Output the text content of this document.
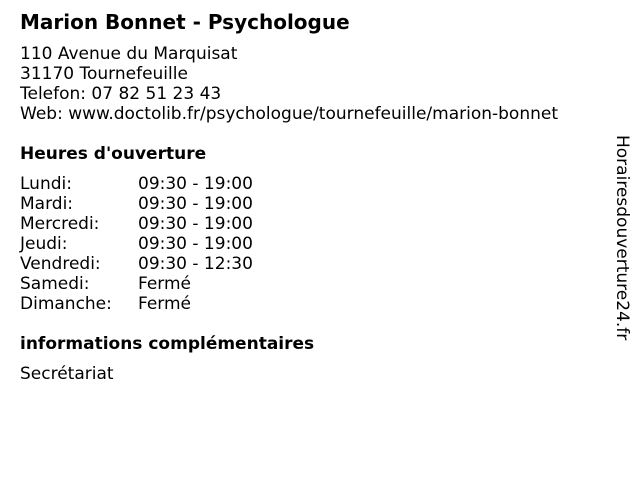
Marion Bonnet - Psychologue
110 Avenue du Marquisat
31170 Tournefeuille
Telefon: 07 82 51 23 43
Web: www.doctolib.fr/psychologue/tournefeuille/marion-bonnet
Heures d'ouverture
Lundi:	09:30 - 19:00
Mardi:	09:30 - 19:00
Mercredi: 09:30 - 19:00
Jeudi:	09:30 - 19:00
Vendredi: 09:30 - 12:30
Samedi:	Fermé
Dimanche: Fermé
informations complémentaires
Secrétariat
Horairesdouverture24.fr
